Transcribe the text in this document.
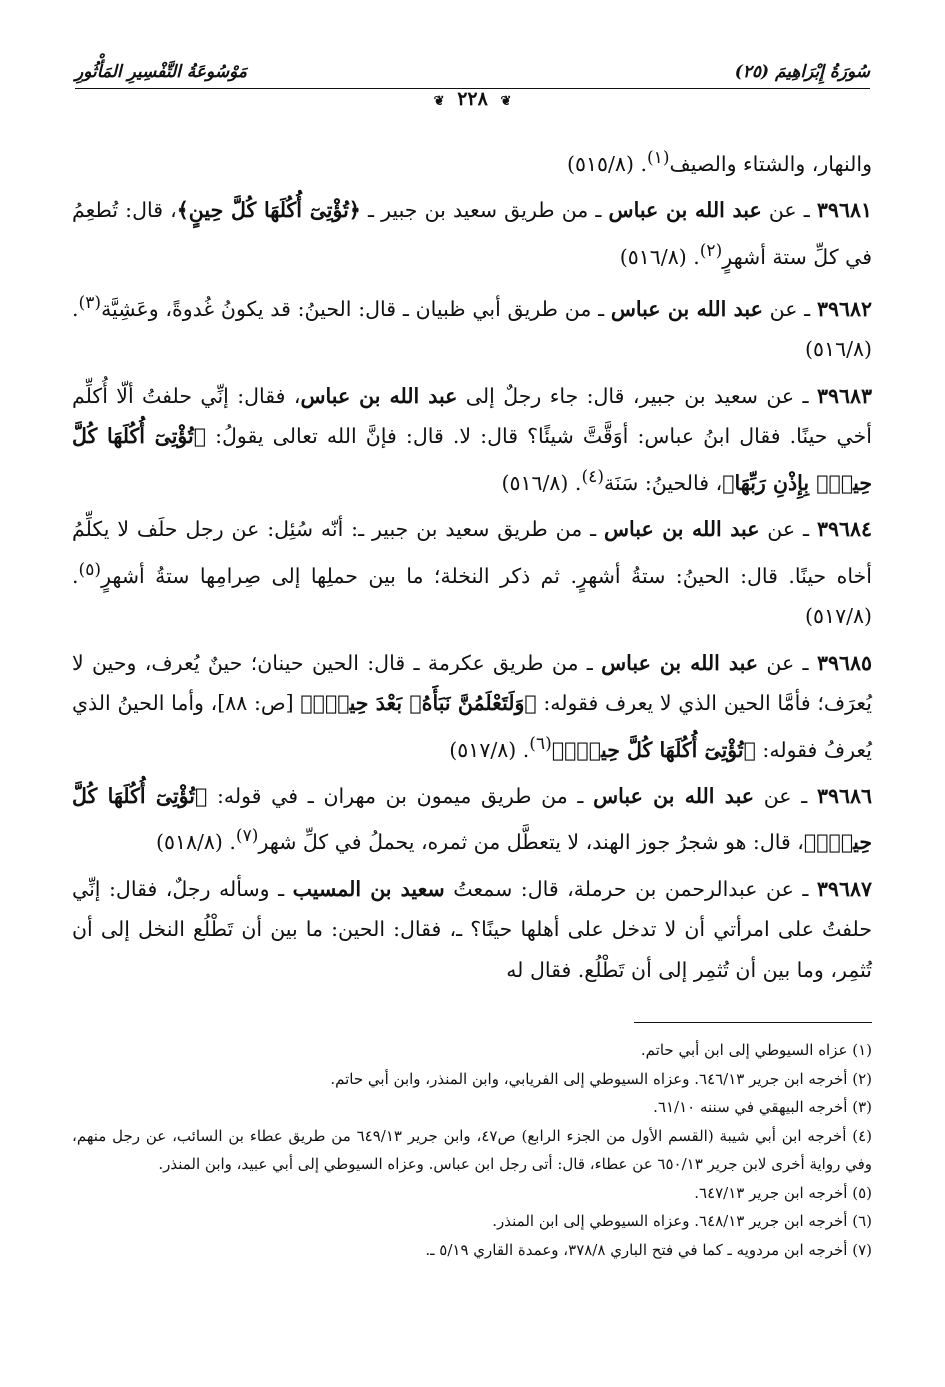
سُورَةُ إِبْرَاهِيمَ (٢٥)
مَوْسُوعَةُ التَّفْسِيرِ المَأْثُورِ
❦ ٢٢٨ ❦

والنهار، والشتاء والصيف$^{(١)}$. (٥١٥/٨)

٣٩٦٨١ ـ عن عبد الله بن عباس ـ من طريق سعيد بن جبير ـ ﴿تُؤْتِىٓ أُكُلَهَا كُلَّ حِينٍ﴾، قال: تُطعِمُ في كلِّ ستة أشهرٍ$^{(٢)}$. (٥١٦/٨)

٣٩٦٨٢ ـ عن عبد الله بن عباس ـ من طريق أبي ظبيان ـ قال: الحينُ: قد يكونُ غُدوةً، وعَشِيَّة$^{(٣)}$. (٥١٦/٨)

٣٩٦٨٣ ـ عن سعيد بن جبير، قال: جاء رجلٌ إلى عبد الله بن عباس، فقال: إنِّي حلفتُ ألّا أُكلِّم أخي حينًا. فقال ابنُ عباس: أوَقَّتَّ شيئًا؟ قال: لا. قال: فإنَّ الله تعالى يقولُ: ﴿تُؤْتِىٓ أُكُلَهَا كُلَّ حِينٍۭ بِإِذْنِ رَبِّهَا﴾، فالحينُ: سَنَة$^{(٤)}$. (٥١٦/٨)

٣٩٦٨٤ ـ عن عبد الله بن عباس ـ من طريق سعيد بن جبير ـ: أنّه سُئِل: عن رجل حلَف لا يكلِّمُ أخاه حينًا. قال: الحينُ: ستةُ أشهرٍ. ثم ذكر النخلة؛ ما بين حملِها إلى صِرامِها ستةُ أشهرٍ$^{(٥)}$. (٥١٧/٨)

٣٩٦٨٥ ـ عن عبد الله بن عباس ـ من طريق عكرمة ـ قال: الحين حينان؛ حينٌ يُعرف، وحين لا يُعرَف؛ فأمَّا الحين الذي لا يعرف فقوله: ﴿وَلَتَعْلَمُنَّ نَبَأَهُۥ بَعْدَ حِينٍۭ﴾ [ص: ٨٨]، وأما الحينُ الذي يُعرفُ فقوله: ﴿تُؤْتِىٓ أُكُلَهَا كُلَّ حِينٍۭ﴾$^{(٦)}$. (٥١٧/٨)

٣٩٦٨٦ ـ عن عبد الله بن عباس ـ من طريق ميمون بن مهران ـ في قوله: ﴿تُؤْتِىٓ أُكُلَهَا كُلَّ حِينٍۭ﴾، قال: هو شجرُ جوز الهند، لا يتعطَّل من ثمره، يحملُ في كلِّ شهر$^{(٧)}$. (٥١٨/٨)

٣٩٦٨٧ ـ عن عبدالرحمن بن حرملة، قال: سمعتُ سعيد بن المسيب ـ وسأله رجلٌ، فقال: إنِّي حلفتُ على امرأتي أن لا تدخل على أهلها حينًا؟ ـ، فقال: الحين: ما بين أن تَطْلُع النخل إلى أن تُثمِر، وما بين أن تُثمِر إلى أن تَطْلُع. فقال له

(١) عزاه السيوطي إلى ابن أبي حاتم.

(٢) أخرجه ابن جرير ٦٤٦/١٣. وعزاه السيوطي إلى الفريابي، وابن المنذر، وابن أبي حاتم.

(٣) أخرجه البيهقي في سننه ٦١/١٠.

(٤) أخرجه ابن أبي شيبة (القسم الأول من الجزء الرابع) ص٤٧، وابن جرير ٦٤٩/١٣ من طريق عطاء بن السائب، عن رجل منهم، وفي رواية أخرى لابن جرير ٦٥٠/١٣ عن عطاء، قال: أتى رجل ابن عباس. وعزاه السيوطي إلى أبي عبيد، وابن المنذر.

(٥) أخرجه ابن جرير ٦٤٧/١٣.

(٦) أخرجه ابن جرير ٦٤٨/١٣. وعزاه السيوطي إلى ابن المنذر.

(٧) أخرجه ابن مردويه ـ كما في فتح الباري ٣٧٨/٨، وعمدة القاري ٥/١٩ ـ.
